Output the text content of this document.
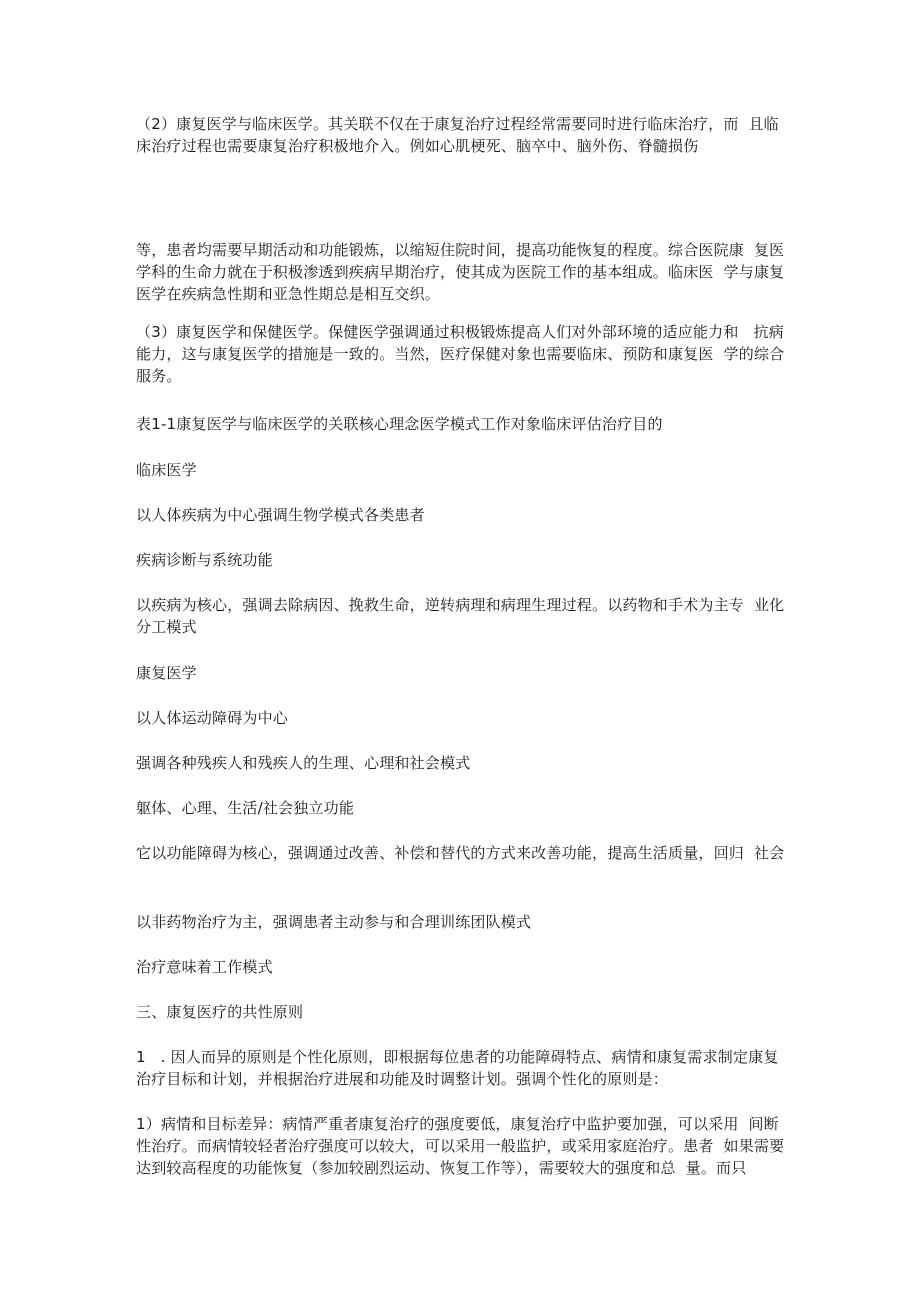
（2）康复医学与临床医学。其关联不仅在于康复治疗过程经常需要同时进行临床治疗，而  且临床治疗过程也需要康复治疗积极地介入。例如心肌梗死、脑卒中、脑外伤、脊髓损伤

等，患者均需要早期活动和功能锻炼，以缩短住院时间，提高功能恢复的程度。综合医院康  复医学科的生命力就在于积极渗透到疾病早期治疗，使其成为医院工作的基本组成。临床医  学与康复医学在疾病急性期和亚急性期总是相互交织。

（3）康复医学和保健医学。保健医学强调通过积极锻炼提高人们对外部环境的适应能力和   抗病能力，这与康复医学的措施是一致的。当然，医疗保健对象也需要临床、预防和康复医  学的综合服务。

表1-1康复医学与临床医学的关联核心理念医学模式工作对象临床评估治疗目的

临床医学

以人体疾病为中心强调生物学模式各类患者

疾病诊断与系统功能

以疾病为核心，强调去除病因、挽救生命，逆转病理和病理生理过程。以药物和手术为主专  业化分工模式

康复医学

以人体运动障碍为中心

强调各种残疾人和残疾人的生理、心理和社会模式

躯体、心理、生活/社会独立功能

它以功能障碍为核心，强调通过改善、补偿和替代的方式来改善功能，提高生活质量，回归  社会

以非药物治疗为主，强调患者主动参与和合理训练团队模式

治疗意味着工作模式

三、康复医疗的共性原则

1   . 因人而异的原则是个性化原则，即根据每位患者的功能障碍特点、病情和康复需求制定康复治疗目标和计划，并根据治疗进展和功能及时调整计划。强调个性化的原则是：

1）病情和目标差异：病情严重者康复治疗的强度要低，康复治疗中监护要加强，可以采用  间断性治疗。而病情较轻者治疗强度可以较大，可以采用一般监护，或采用家庭治疗。患者  如果需要达到较高程度的功能恢复（参加较剧烈运动、恢复工作等），需要较大的强度和总  量。而只
